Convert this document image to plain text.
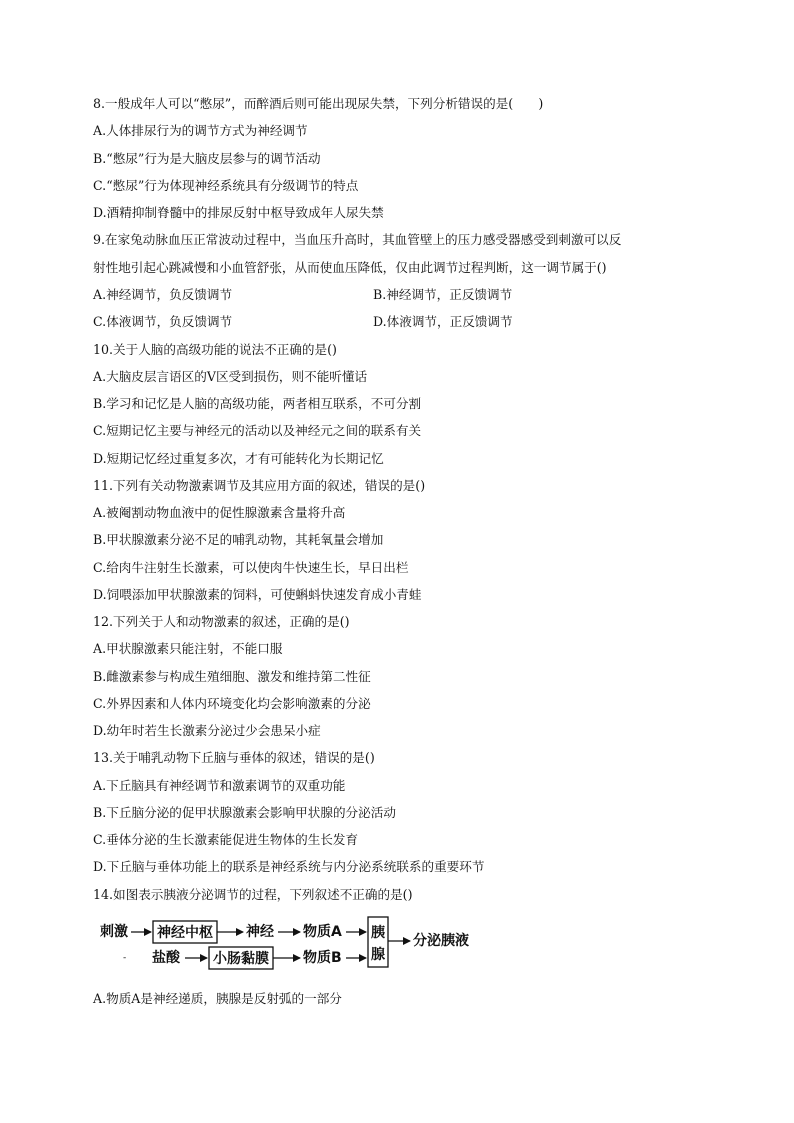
8.一般成年人可以“憋尿”，而醉酒后则可能出现尿失禁，下列分析错误的是(　　)
A.人体排尿行为的调节方式为神经调节
B.“憋尿”行为是大脑皮层参与的调节活动
C.“憋尿”行为体现神经系统具有分级调节的特点
D.酒精抑制脊髓中的排尿反射中枢导致成年人尿失禁
9.在家兔动脉血压正常波动过程中，当血压升高时，其血管壁上的压力感受器感受到刺激可以反
射性地引起心跳减慢和小血管舒张，从而使血压降低，仅由此调节过程判断，这一调节属于()
A.神经调节，负反馈调节	B.神经调节，正反馈调节
C.体液调节，负反馈调节	D.体液调节，正反馈调节
10.关于人脑的高级功能的说法不正确的是()
A.大脑皮层言语区的V区受到损伤，则不能听懂话
B.学习和记忆是人脑的高级功能，两者相互联系，不可分割
C.短期记忆主要与神经元的活动以及神经元之间的联系有关
D.短期记忆经过重复多次，才有可能转化为长期记忆
11.下列有关动物激素调节及其应用方面的叙述，错误的是()
A.被阉割动物血液中的促性腺激素含量将升高
B.甲状腺激素分泌不足的哺乳动物，其耗氧量会增加
C.给肉牛注射生长激素，可以使肉牛快速生长，早日出栏
D.饲喂添加甲状腺激素的饲料，可使蝌蚪快速发育成小青蛙
12.下列关于人和动物激素的叙述，正确的是()
A.甲状腺激素只能注射，不能口服
B.雌激素参与构成生殖细胞、激发和维持第二性征
C.外界因素和人体内环境变化均会影响激素的分泌
D.幼年时若生长激素分泌过少会患呆小症
13.关于哺乳动物下丘脑与垂体的叙述，错误的是()
A.下丘脑具有神经调节和激素调节的双重功能
B.下丘脑分泌的促甲状腺激素会影响甲状腺的分泌活动
C.垂体分泌的生长激素能促进生物体的生长发育
D.下丘脑与垂体功能上的联系是神经系统与内分泌系统联系的重要环节
14.如图表示胰液分泌调节的过程，下列叙述不正确的是()
刺激 神经中枢 神经 物质A 胰
腺
分泌胰液
- 盐酸 小肠黏膜 物质B
A.物质A是神经递质，胰腺是反射弧的一部分
